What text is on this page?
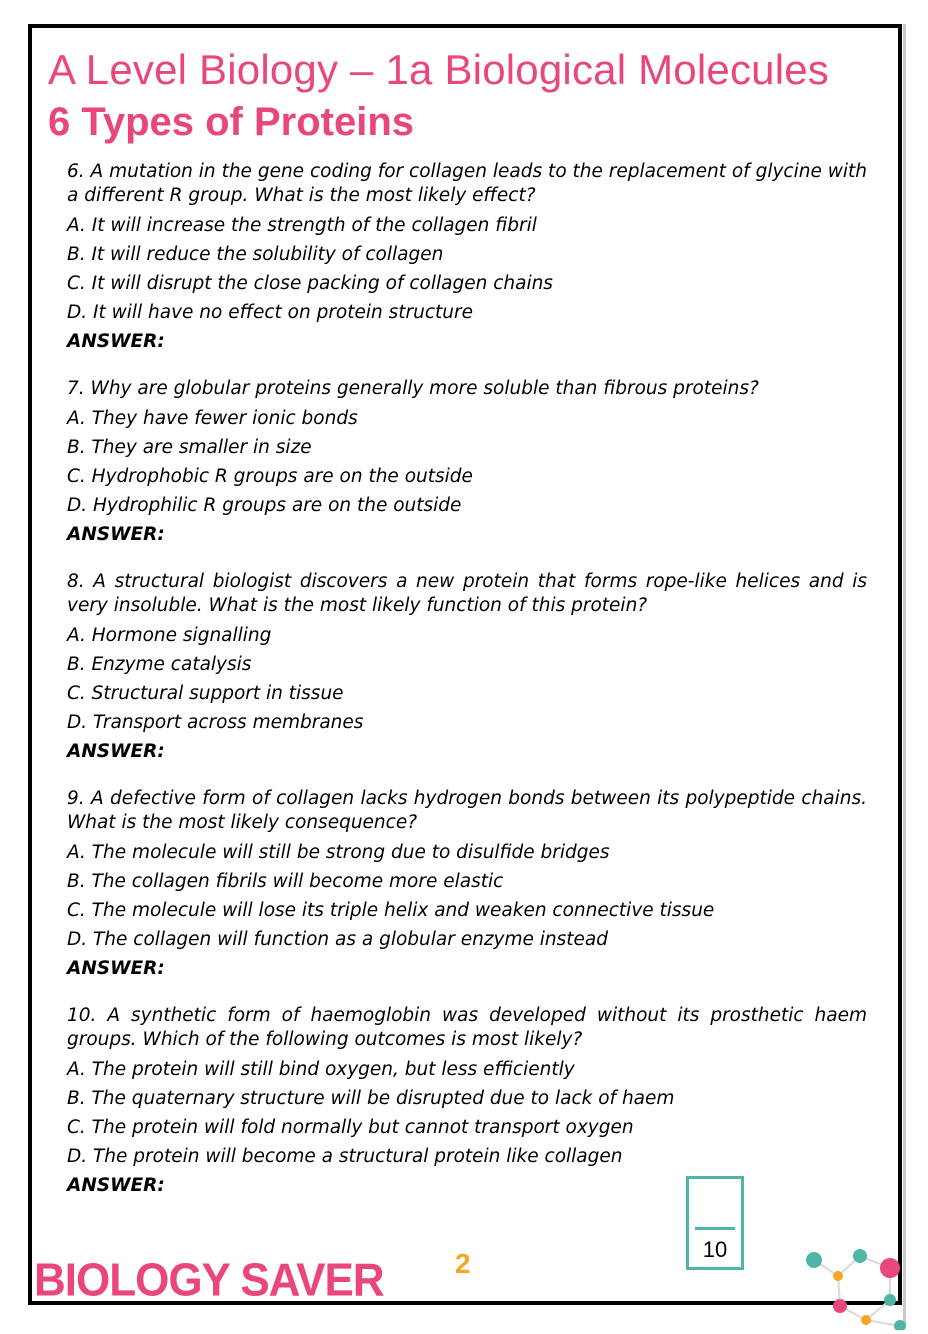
A Level Biology – 1a Biological Molecules
6 Types of Proteins

6. A mutation in the gene coding for collagen leads to the replacement of glycine with a different R group. What is the most likely effect?

A. It will increase the strength of the collagen fibril

B. It will reduce the solubility of collagen

C. It will disrupt the close packing of collagen chains

D. It will have no effect on protein structure

ANSWER:

7. Why are globular proteins generally more soluble than fibrous proteins?

A. They have fewer ionic bonds

B. They are smaller in size

C. Hydrophobic R groups are on the outside

D. Hydrophilic R groups are on the outside

ANSWER:

8. A structural biologist discovers a new protein that forms rope-like helices and is very insoluble. What is the most likely function of this protein?

A. Hormone signalling

B. Enzyme catalysis

C. Structural support in tissue

D. Transport across membranes

ANSWER:

9. A defective form of collagen lacks hydrogen bonds between its polypeptide chains. What is the most likely consequence?

A. The molecule will still be strong due to disulfide bridges

B. The collagen fibrils will become more elastic

C. The molecule will lose its triple helix and weaken connective tissue

D. The collagen will function as a globular enzyme instead

ANSWER:

10. A synthetic form of haemoglobin was developed without its prosthetic haem groups. Which of the following outcomes is most likely?

A. The protein will still bind oxygen, but less efficiently

B. The quaternary structure will be disrupted due to lack of haem

C. The protein will fold normally but cannot transport oxygen

D. The protein will become a structural protein like collagen

ANSWER:

10
2
BIOLOGY SAVER
